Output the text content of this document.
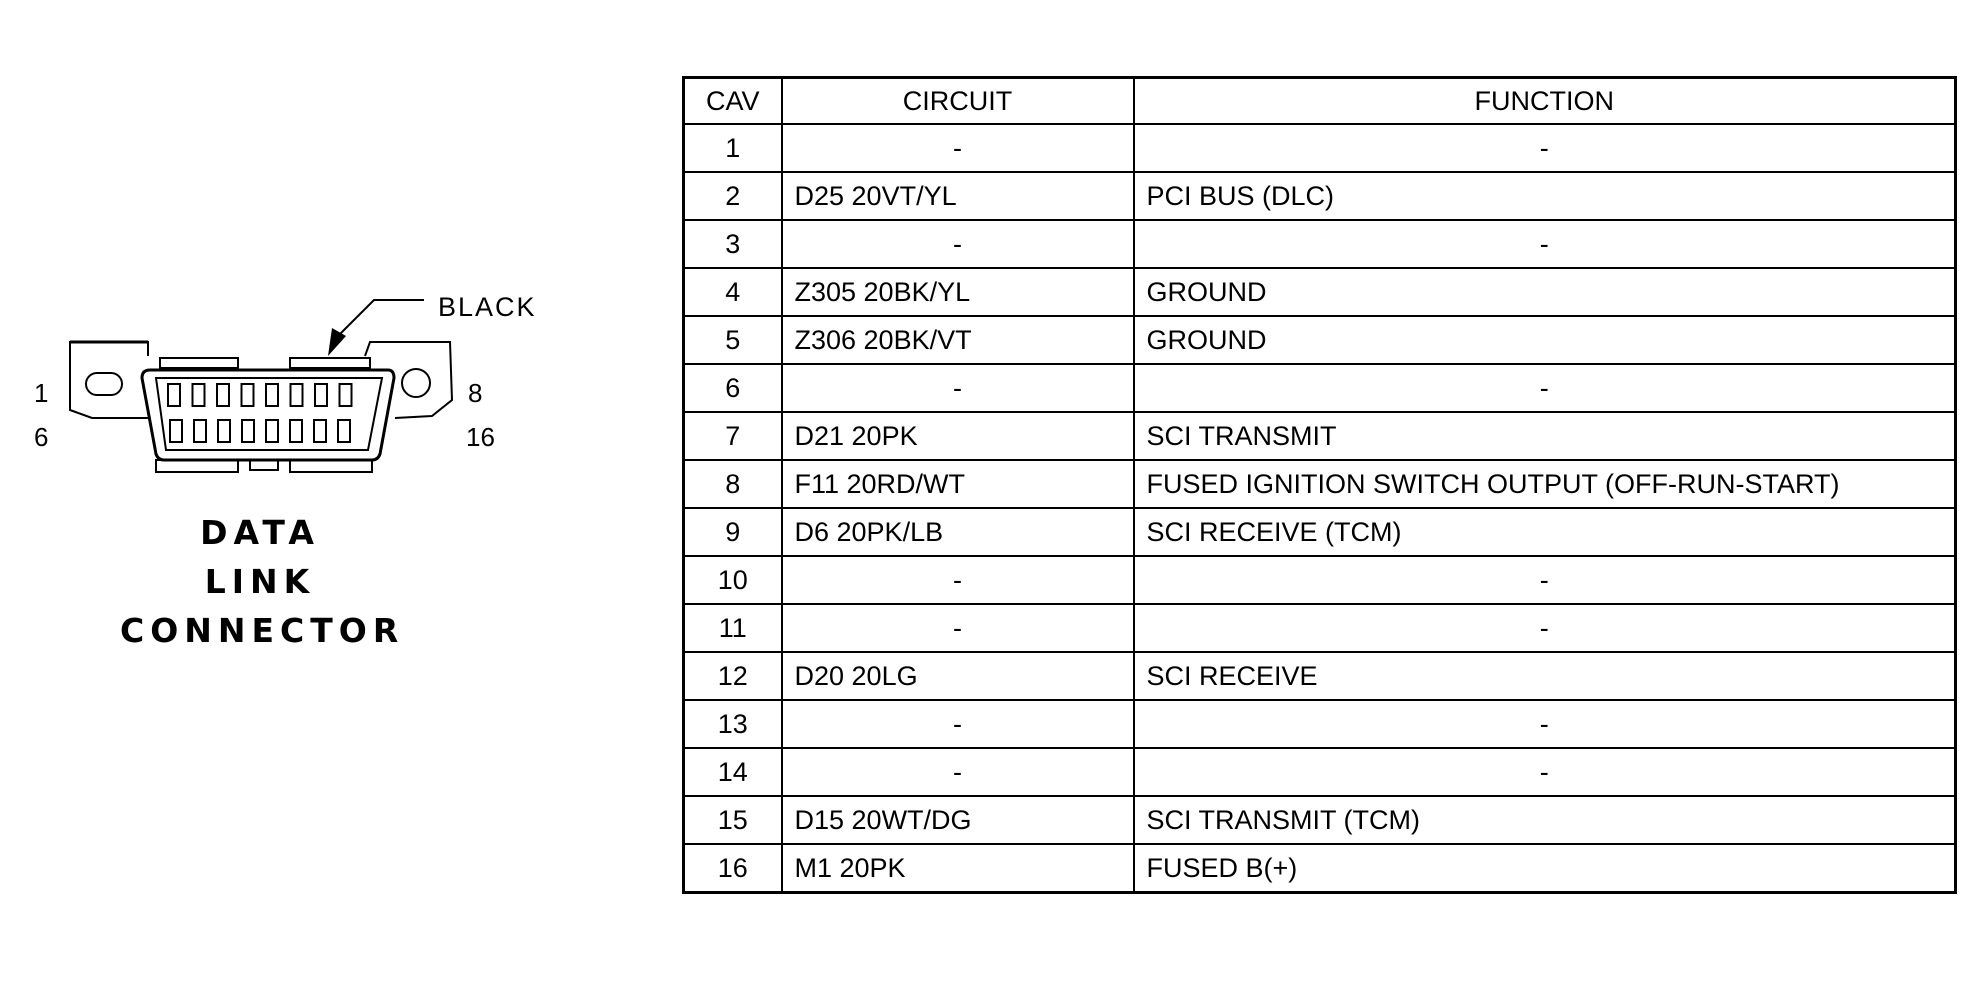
1
6
8
16
BLACK
DATA
LINK
CONNECTOR
CAV	CIRCUIT	FUNCTION
1	-	-
2	D25 20VT/YL	PCI BUS (DLC)
3	-	-
4	Z305 20BK/YL	GROUND
5	Z306 20BK/VT	GROUND
6	-	-
7	D21 20PK	SCI TRANSMIT
8	F11 20RD/WT	FUSED IGNITION SWITCH OUTPUT (OFF-RUN-START)
9	D6 20PK/LB	SCI RECEIVE (TCM)
10	-	-
11	-	-
12	D20 20LG	SCI RECEIVE
13	-	-
14	-	-
15	D15 20WT/DG	SCI TRANSMIT (TCM)
16	M1 20PK	FUSED B(+)
